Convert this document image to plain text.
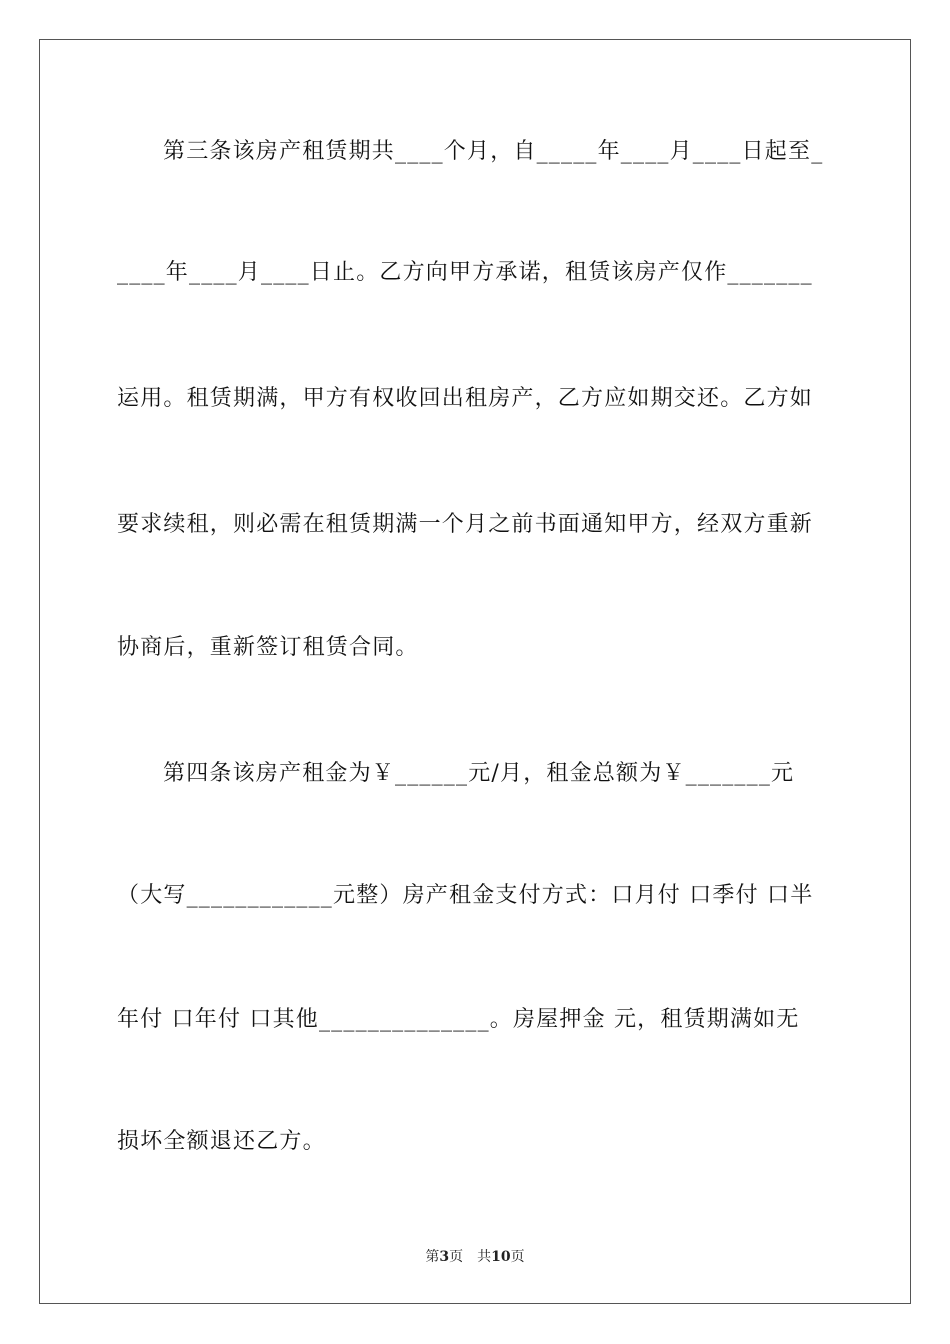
第三条该房产租赁期共____个月，自_____年____月____日起至_
____年____月____日止。乙方向甲方承诺，租赁该房产仅作_______
运用。租赁期满，甲方有权收回出租房产，乙方应如期交还。乙方如
要求续租，则必需在租赁期满一个月之前书面通知甲方，经双方重新
协商后，重新签订租赁合同。
第四条该房产租金为￥______元/月，租金总额为￥_______元
（大写____________元整）房产租金支付方式：口月付 口季付 口半
年付 口年付 口其他______________。房屋押金 元，租赁期满如无
损坏全额退还乙方。
第3页 共10页
